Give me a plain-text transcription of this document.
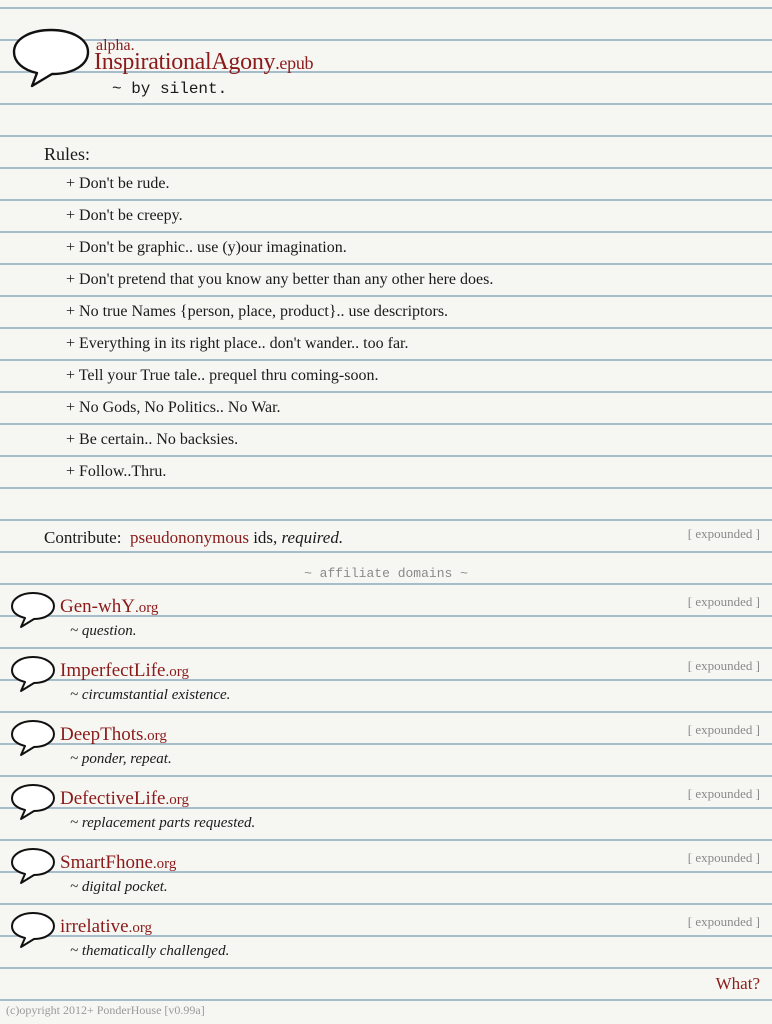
alpha.
InspirationalAgony.epub
~ by silent.
Rules:
+ Don't be rude.
+ Don't be creepy.
+ Don't be graphic.. use (y)our imagination.
+ Don't pretend that you know any better than any other here does.
+ No true Names {person, place, product}.. use descriptors.
+ Everything in its right place.. don't wander.. too far.
+ Tell your True tale.. prequel thru coming-soon.
+ No Gods, No Politics.. No War.
+ Be certain.. No backsies.
+ Follow..Thru.
Contribute: pseudononymous ids, required.	[ expounded ]
~ affiliate domains ~
Gen-whY.org
~ question.
[ expounded ]
ImperfectLife.org
~ circumstantial existence.
[ expounded ]
DeepThots.org
~ ponder, repeat.
[ expounded ]
DefectiveLife.org
~ replacement parts requested.
[ expounded ]
SmartFhone.org
~ digital pocket.
[ expounded ]
irrelative.org
~ thematically challenged.
[ expounded ]
What?
(c)opyright 2012+ PonderHouse [v0.99a]
